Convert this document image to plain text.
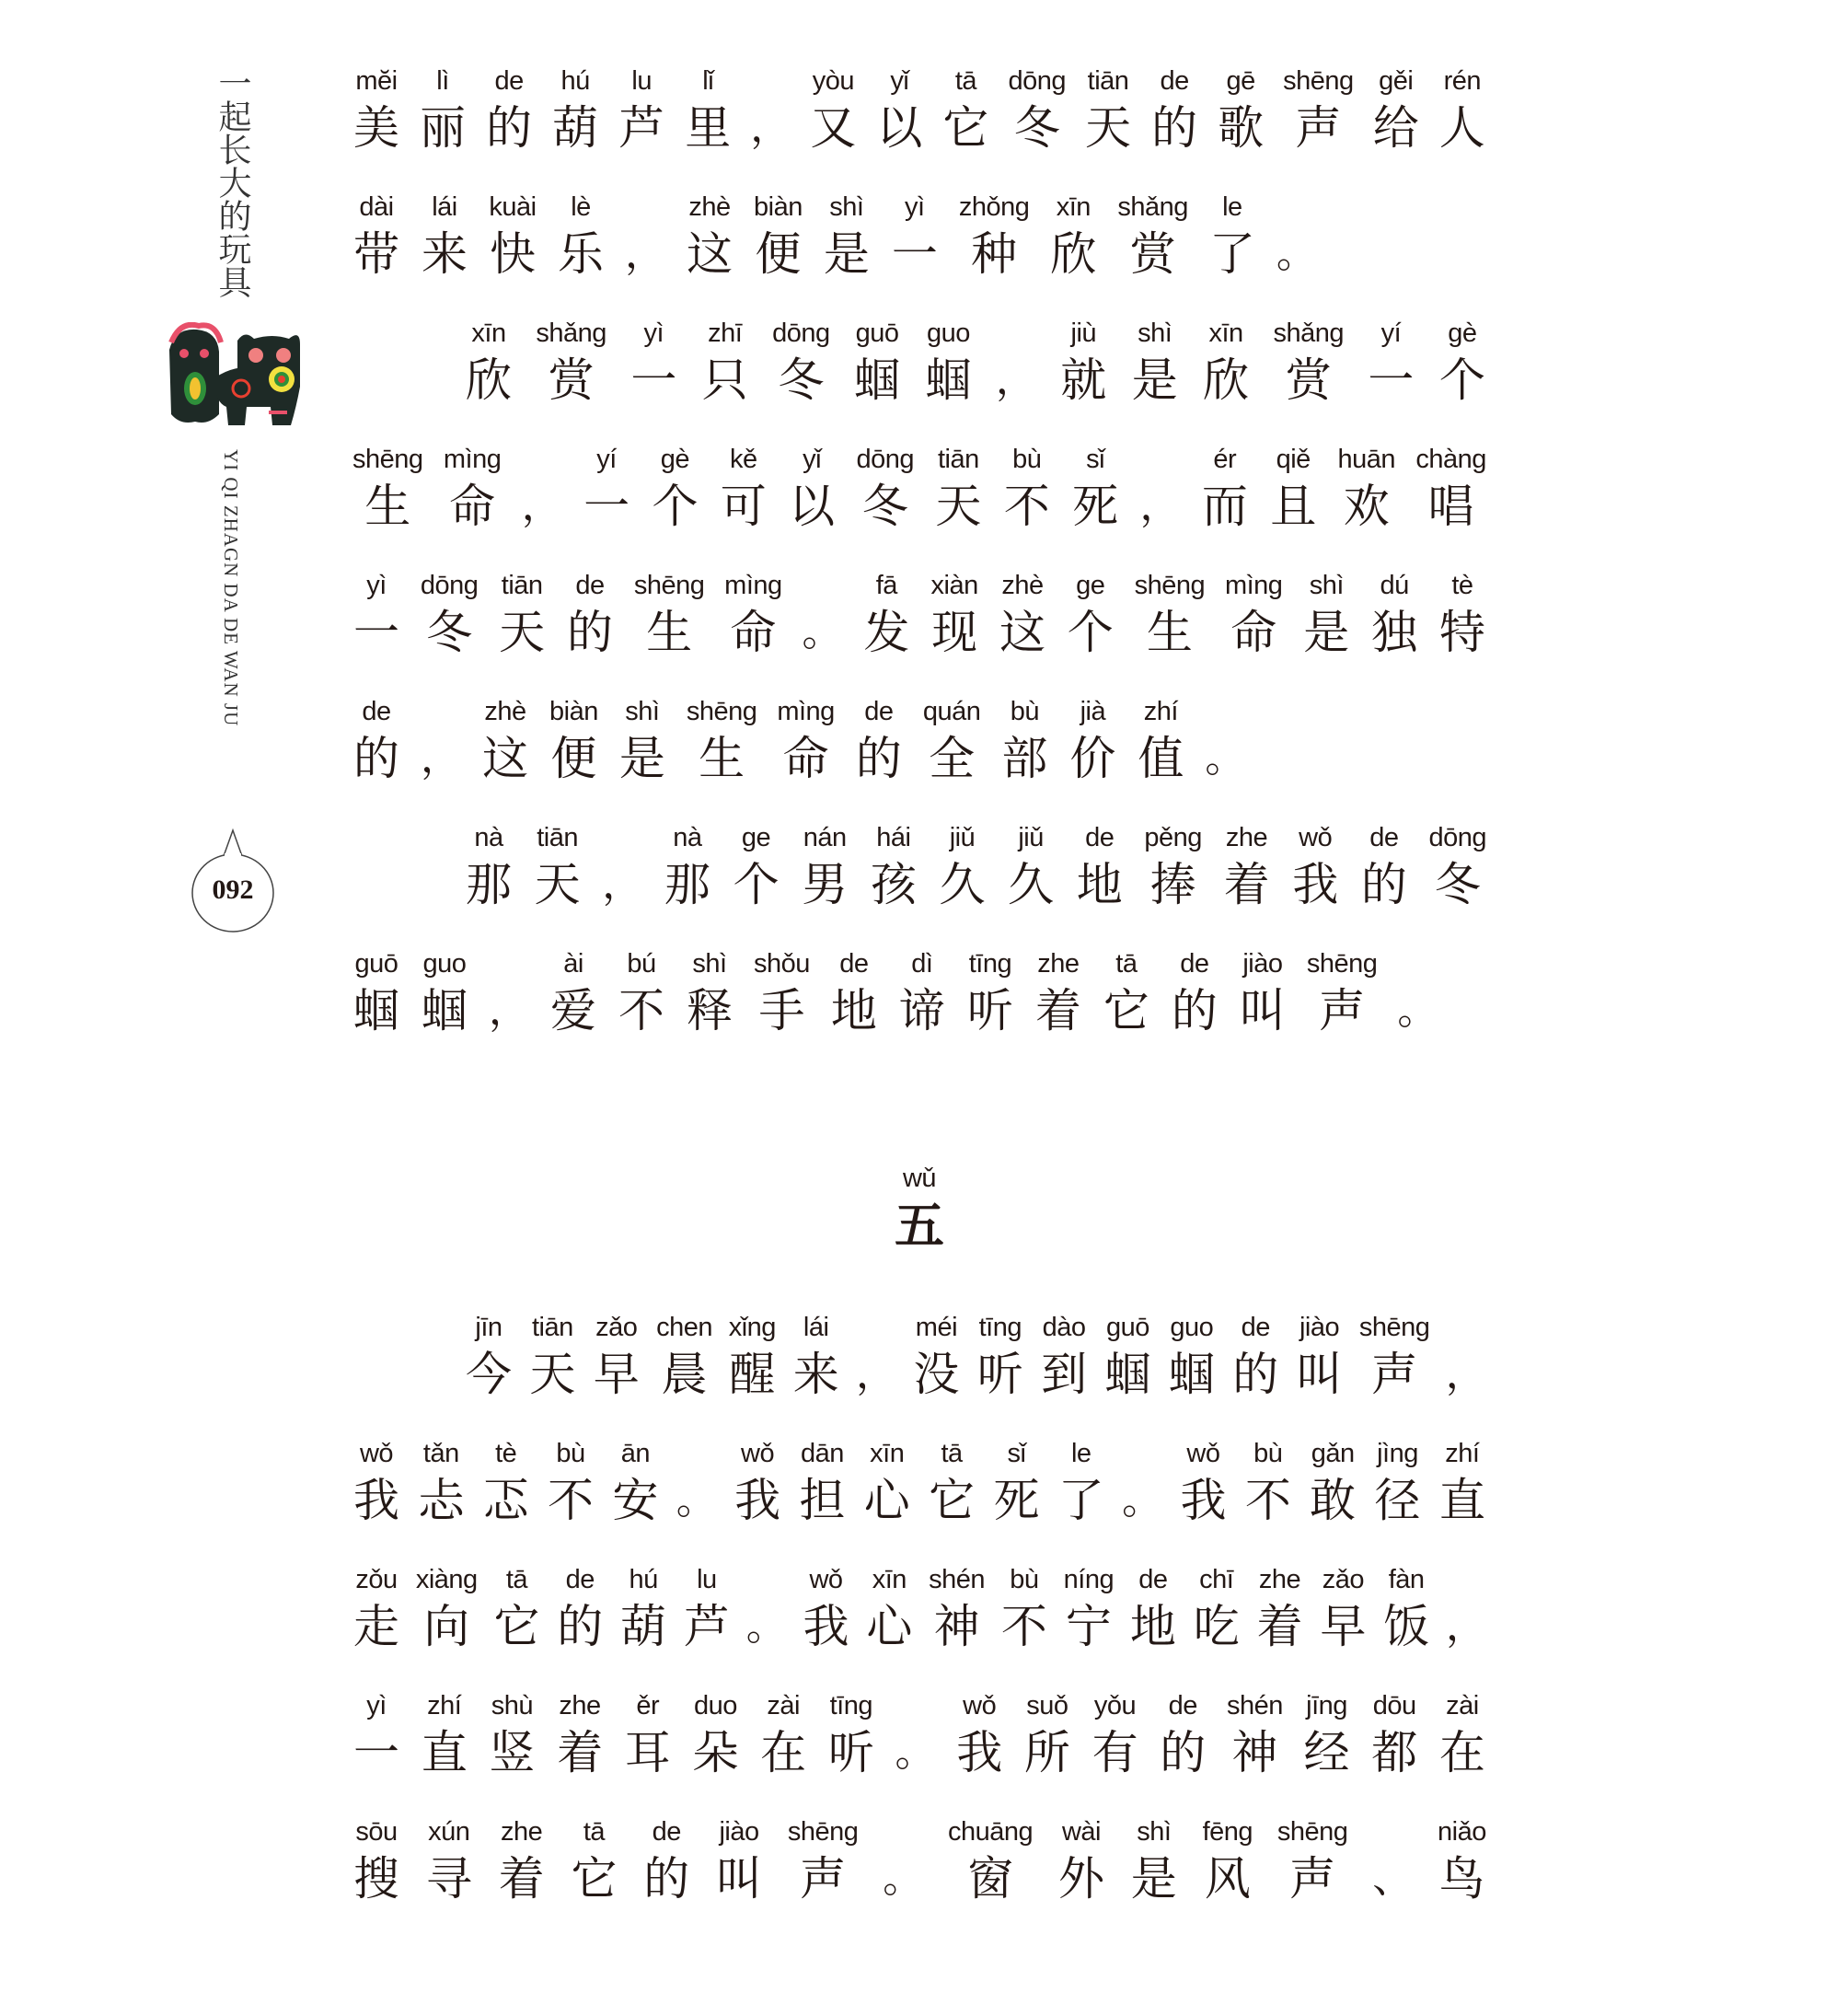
一起长大的玩具
YI QI ZHAGN DA DE WAN JU
092
mĕi
美
lì
丽
de
的
hú
葫
lu
芦
lǐ
里 ，
yòu
又
yǐ
以
tā
它
dōng
冬
tiān
天
de
的
gē
歌
shēng
声
gěi
给
rén
人
dài
带
lái
来
kuài
快
lè
乐 ，
zhè
这
biàn
便
shì
是
yì
一
zhǒng
种
xīn
欣
shǎng
赏
le
了 。
xīn
欣
shǎng
赏
yì
一
zhī
只
dōng
冬
guō
蝈
guo
蝈 ，
jiù
就
shì
是
xīn
欣
shǎng
赏
yí
一
gè
个
shēng
生
mìng
命 ，
yí
一
gè
个
kě
可
yǐ
以
dōng
冬
tiān
天
bù
不
sǐ
死 ，
ér
而
qiě
且
huān
欢
chàng
唱
yì
一
dōng
冬
tiān
天
de
的
shēng
生
mìng
命 。
fā
发
xiàn
现
zhè
这
ge
个
shēng
生
mìng
命
shì
是
dú
独
tè
特
de
的 ，
zhè
这
biàn
便
shì
是
shēng
生
mìng
命
de
的
quán
全
bù
部
jià
价
zhí
值 。
nà
那
tiān
天 ，
nà
那
ge
个
nán
男
hái
孩
jiǔ
久
jiǔ
久
de
地
pěng
捧
zhe
着
wǒ
我
de
的
dōng
冬
guō
蝈
guo
蝈 ，
ài
爱
bú
不
shì
释
shǒu
手
de
地
dì
谛
tīng
听
zhe
着
tā
它
de
的
jiào
叫
shēng
声 。
wǔ
五
jīn
今
tiān
天
zǎo
早
chen
晨
xǐng
醒
lái
来 ，
méi
没
tīng
听
dào
到
guō
蝈
guo
蝈
de
的
jiào
叫
shēng
声 ，
wǒ
我
tǎn
忐
tè
忑
bù
不
ān
安 。
wǒ
我
dān
担
xīn
心
tā
它
sǐ
死
le
了 。
wǒ
我
bù
不
gǎn
敢
jìng
径
zhí
直
zǒu
走
xiàng
向
tā
它
de
的
hú
葫
lu
芦 。
wǒ
我
xīn
心
shén
神
bù
不
níng
宁
de
地
chī
吃
zhe
着
zǎo
早
fàn
饭 ，
yì
一
zhí
直
shù
竖
zhe
着
ěr
耳
duo
朵
zài
在
tīng
听 。
wǒ
我
suǒ
所
yǒu
有
de
的
shén
神
jīng
经
dōu
都
zài
在
sōu
搜
xún
寻
zhe
着
tā
它
de
的
jiào
叫
shēng
声 。
chuāng
窗
wài
外
shì
是
fēng
风
shēng
声 、
niǎo
鸟
